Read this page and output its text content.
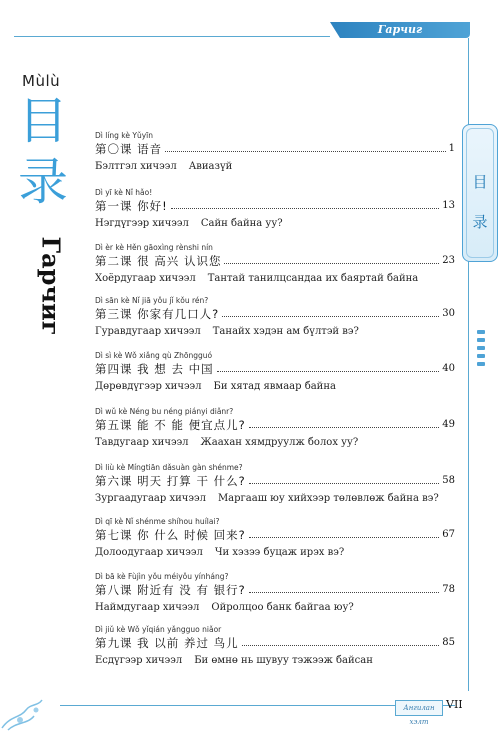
Гарчиг
Mùlù
目
录
Гарчиг
目
录
Dì líng kè Yǔyīn
第〇课 语音	1
Бэлтгэл хичээл Авиазүй
Dì yī kè Nǐ hǎo!
第一课 你好!	13
Нэгдүгээр хичээл Сайн байна уу?
Dì èr kè Hěn gāoxìng rènshi nín
第二课 很 高兴 认识您	23
Хоёрдугаар хичээл Тантай танилцсандаа их баяртай байна
Dì sān kè Nǐ jiā yǒu jǐ kǒu rén?
第三课 你家有几口人?	30
Гуравдугаар хичээл Танайх хэдэн ам бүлтэй вэ?
Dì sì kè Wǒ xiǎng qù Zhōngguó
第四课 我 想 去 中国	40
Дөрөвдүгээр хичээл Би хятад явмаар байна
Dì wǔ kè Néng bu néng piányi diǎnr?
第五课 能 不 能 便宜点儿?	49
Тавдугаар хичээл Жаахан хямдруулж болох уу?
Dì liù kè Míngtiān dǎsuàn gàn shénme?
第六课 明天 打算 干 什么?	58
Зургаадугаар хичээл Маргааш юу хийхээр төлөвлөж байна вэ?
Dì qī kè Nǐ shénme shíhou huílai?
第七课 你 什么 时候 回来?	67
Долоодугаар хичээл Чи хэзээ буцаж ирэх вэ?
Dì bā kè Fùjìn yǒu méiyǒu yínháng?
第八课 附近有 没 有 银行?	78
Наймдугаар хичээл Ойролцоо банк байгаа юу?
Dì jiǔ kè Wǒ yǐqián yǎngguo niǎor
第九课 我 以前 养过 鸟儿	85
Есдүгээр хичээл Би өмнө нь шувуу тэжээж байсан
Ангилан хэлт
VII
